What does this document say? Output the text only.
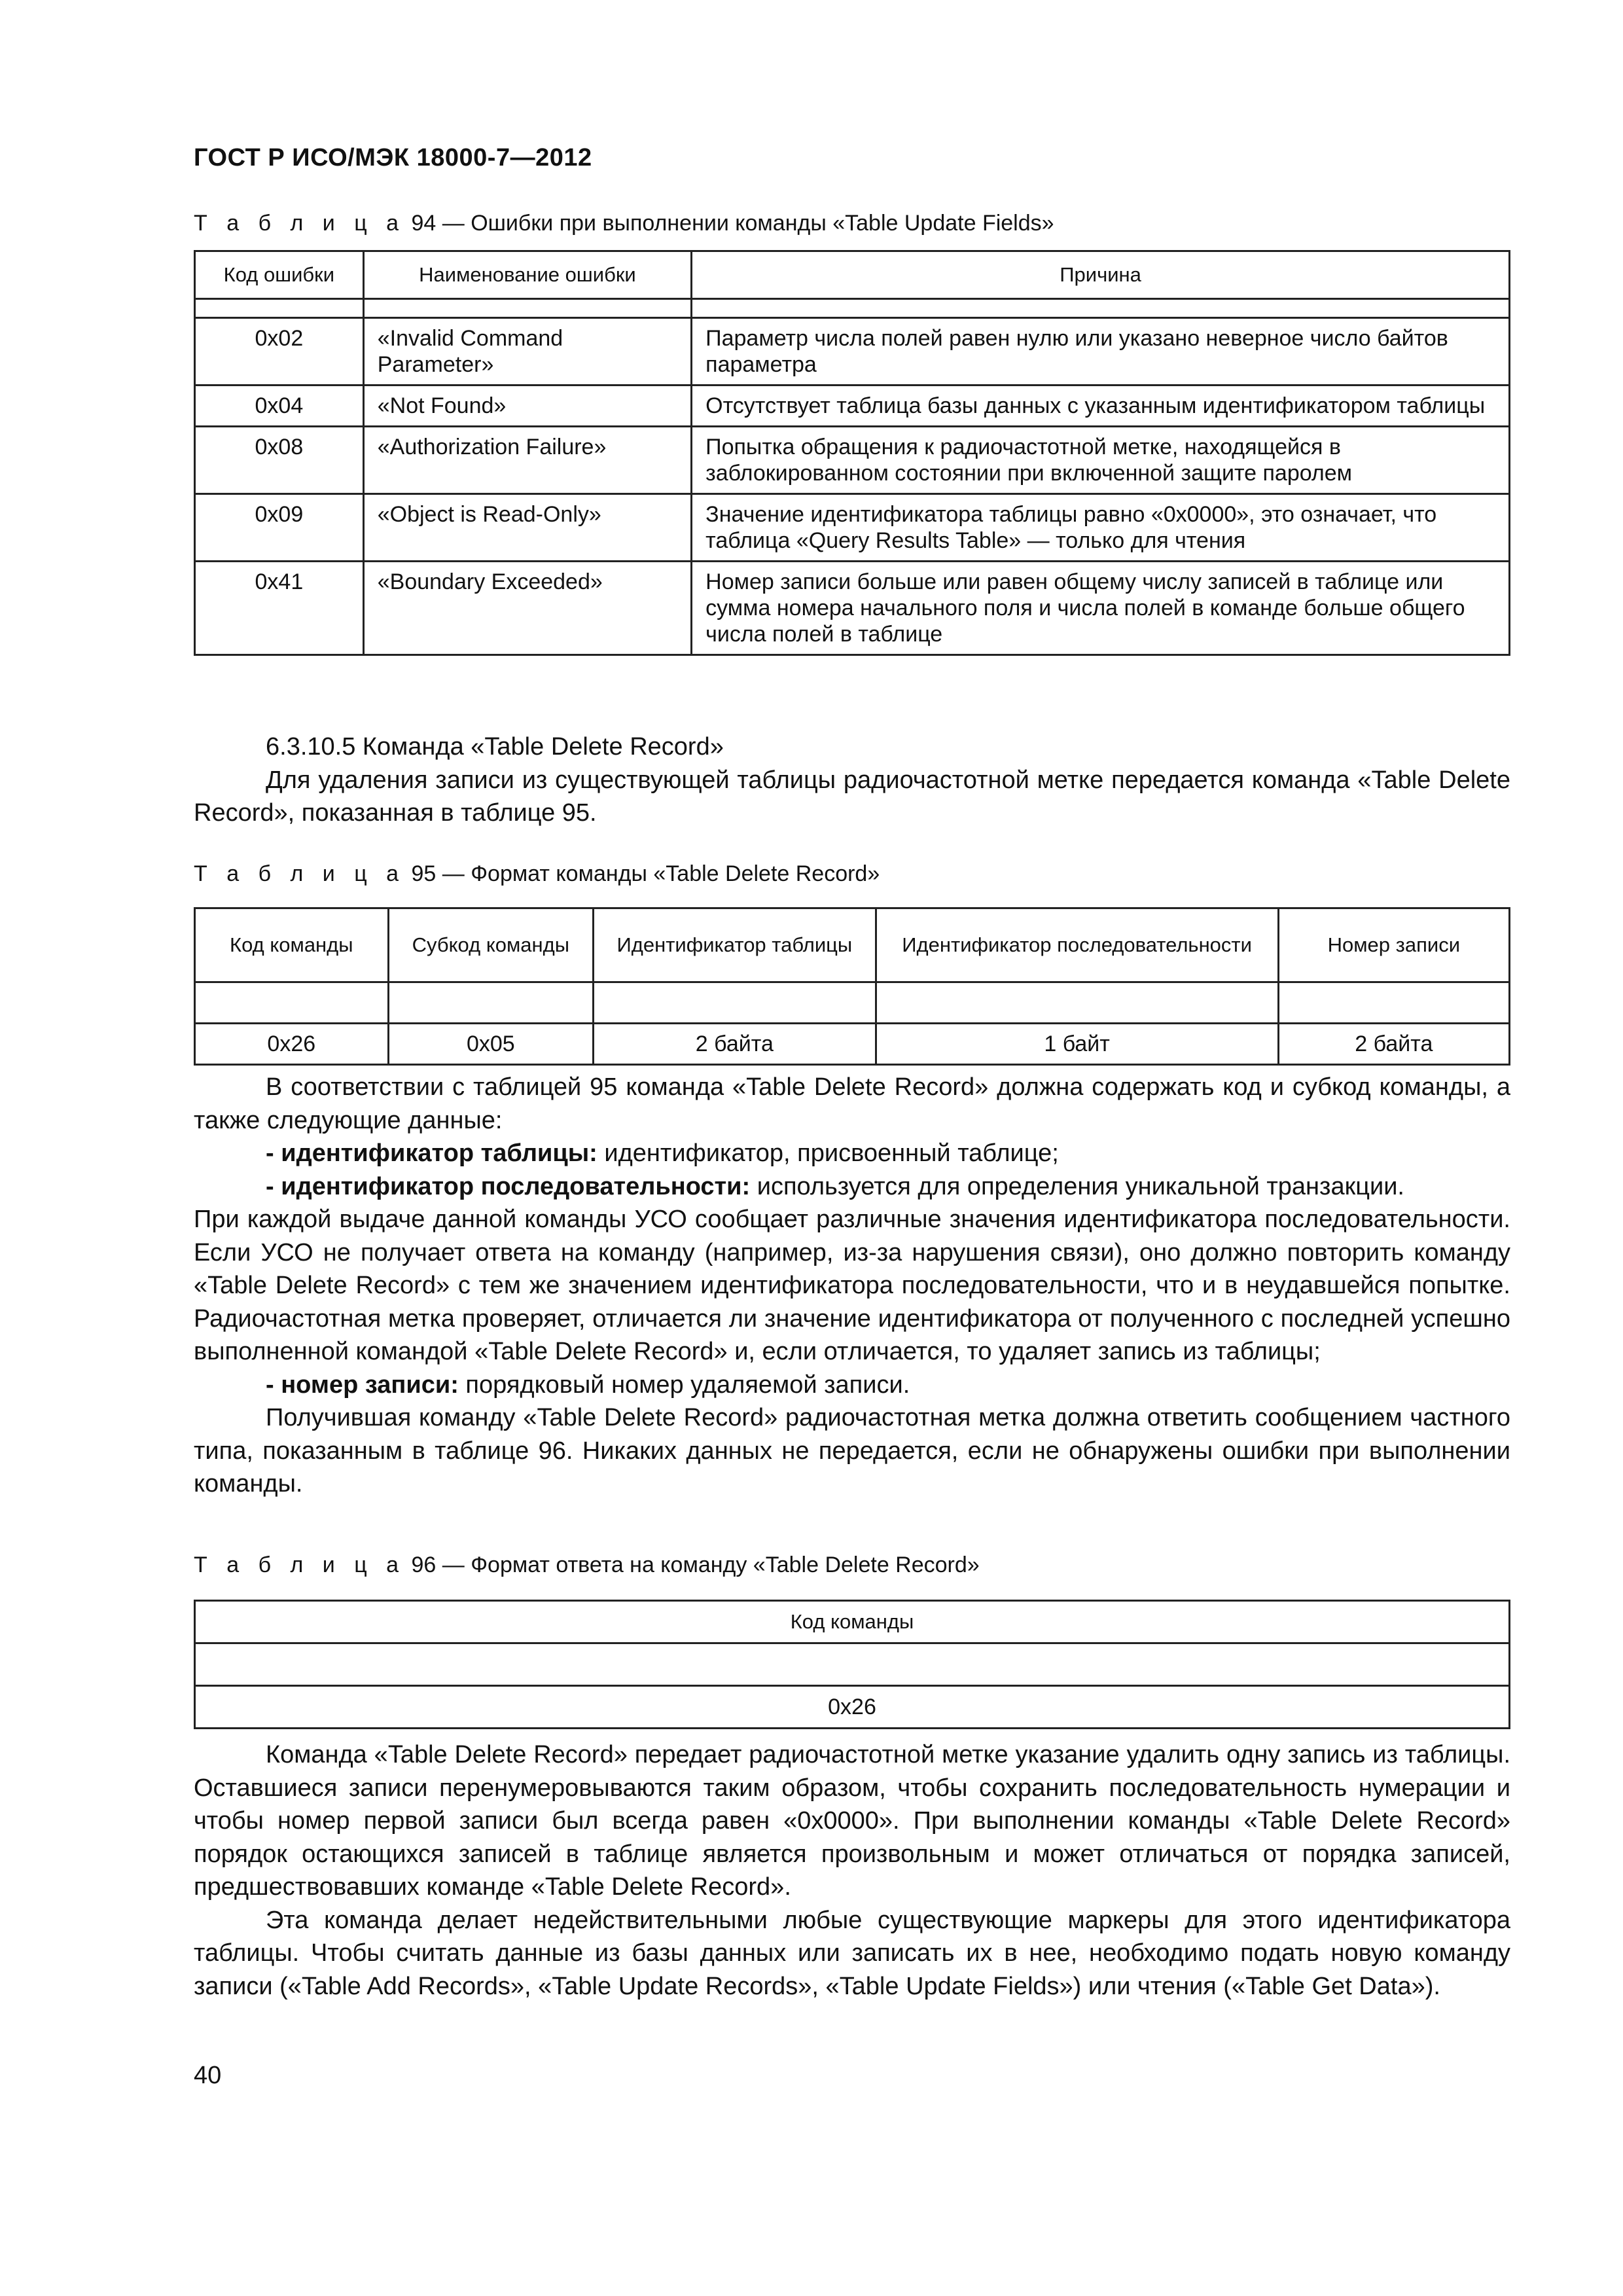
ГОСТ Р ИСО/МЭК 18000-7—2012
Т а б л и ц а 94 — Ошибки при выполнении команды «Table Update Fields»
Код ошибки	Наименование ошибки	Причина

0x02	«Invalid Command Parameter»	Параметр числа полей равен нулю или указано неверное число байтов параметра
0x04	«Not Found»	Отсутствует таблица базы данных с указанным идентификатором таблицы
0x08	«Authorization Failure»	Попытка обращения к радиочастотной метке, находящейся в заблокированном состоянии при включенной защите паролем
0x09	«Object is Read-Only»	Значение идентификатора таблицы равно «0x0000», это означает, что таблица «Query Results Table» — только для чтения
0x41	«Boundary Exceeded»	Номер записи больше или равен общему числу записей в таблице или сумма номера начального поля и числа полей в команде больше общего числа полей в таблице

6.3.10.5 Команда «Table Delete Record»

Для удаления записи из существующей таблицы радиочастотной метке передается команда «Table Delete Record», показанная в таблице 95.

Т а б л и ц а 95 — Формат команды «Table Delete Record»
Код команды	Субкод команды	Идентификатор таблицы	Идентификатор последовательности	Номер записи

0x26	0x05	2 байта	1 байт	2 байта

В соответствии с таблицей 95 команда «Table Delete Record» должна содержать код и субкод команды, а также следующие данные:

- идентификатор таблицы: идентификатор, присвоенный таблице;

- идентификатор последовательности: используется для определения уникальной транзакции.

При каждой выдаче данной команды УСО сообщает различные значения идентификатора последовательности. Если УСО не получает ответа на команду (например, из-за нарушения связи), оно должно повторить команду «Table Delete Record» с тем же значением идентификатора последовательности, что и в неудавшейся попытке. Радиочастотная метка проверяет, отличается ли значение идентификатора от полученного с последней успешно выполненной командой «Table Delete Record» и, если отличается, то удаляет запись из таблицы;

- номер записи: порядковый номер удаляемой записи.

Получившая команду «Table Delete Record» радиочастотная метка должна ответить сообщением частного типа, показанным в таблице 96. Никаких данных не передается, если не обнаружены ошибки при выполнении команды.

Т а б л и ц а 96 — Формат ответа на команду «Table Delete Record»
Код команды

0x26

Команда «Table Delete Record» передает радиочастотной метке указание удалить одну запись из таблицы. Оставшиеся записи перенумеровываются таким образом, чтобы сохранить последовательность нумерации и чтобы номер первой записи был всегда равен «0x0000». При выполнении команды «Table Delete Record» порядок остающихся записей в таблице является произвольным и может отличаться от порядка записей, предшествовавших команде «Table Delete Record».

Эта команда делает недействительными любые существующие маркеры для этого идентификатора таблицы. Чтобы считать данные из базы данных или записать их в нее, необходимо подать новую команду записи («Table Add Records», «Table Update Records», «Table Update Fields») или чтения («Table Get Data»).

40
